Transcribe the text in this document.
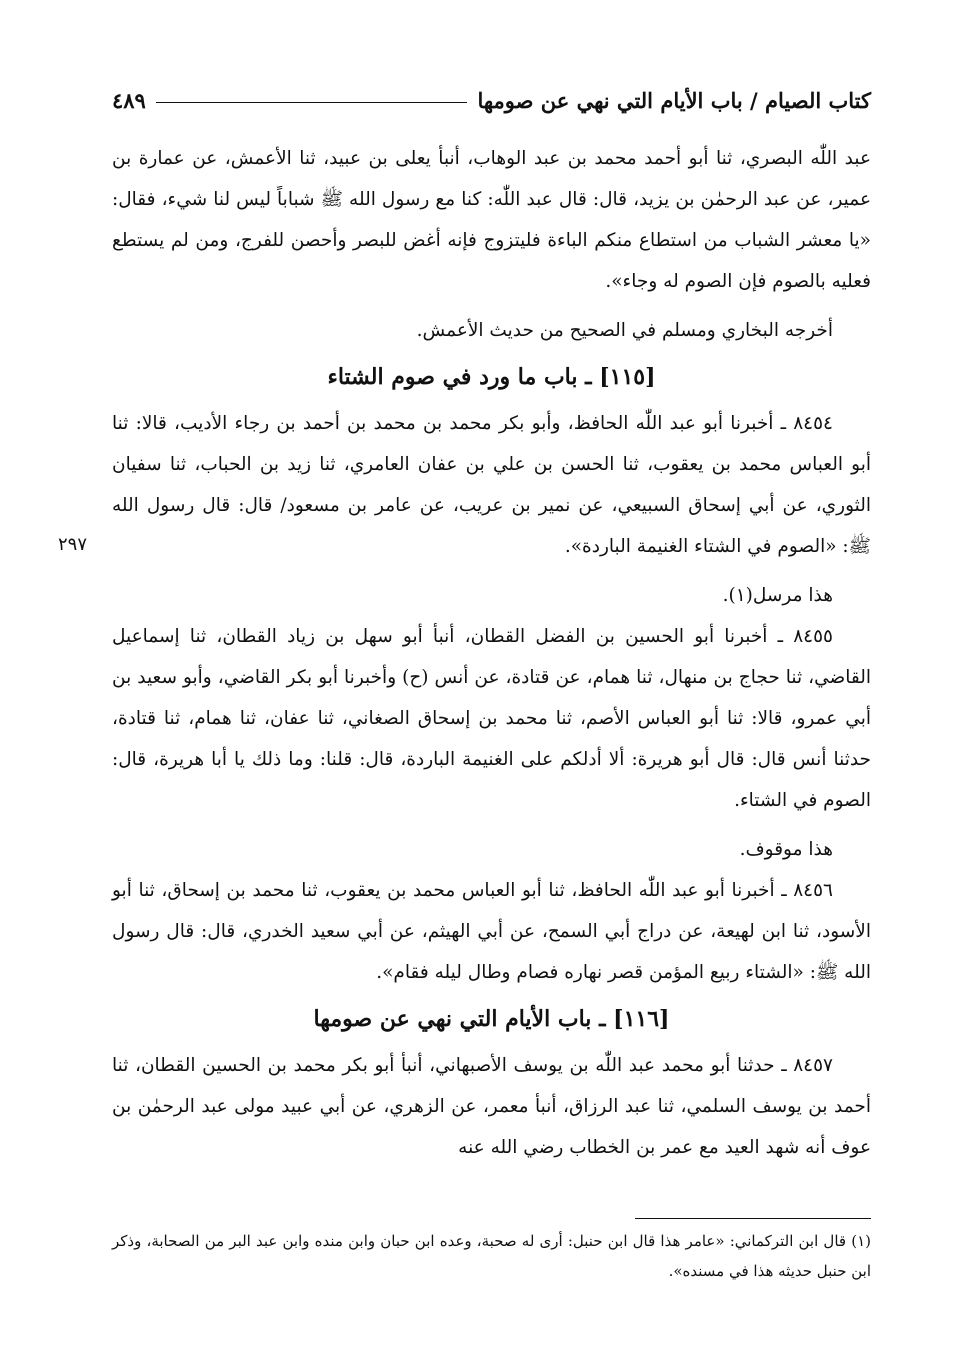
كتاب الصيام / باب الأيام التي نهي عن صومها
٤٨٩

عبد اللّٰه البصري، ثنا أبو أحمد محمد بن عبد الوهاب، أنبأ يعلى بن عبيد، ثنا الأعمش، عن عمارة بن عمير، عن عبد الرحمٰن بن يزيد، قال: قال عبد اللّٰه: كنا مع رسول الله ﷺ شباباً ليس لنا شيء، فقال: «يا معشر الشباب من استطاع منكم الباءة فليتزوج فإنه أغض للبصر وأحصن للفرج، ومن لم يستطع فعليه بالصوم فإن الصوم له وجاء».

أخرجه البخاري ومسلم في الصحيح من حديث الأعمش.

[١١٥] ـ باب ما ورد في صوم الشتاء

٨٤٥٤ ـ أخبرنا أبو عبد اللّٰه الحافظ، وأبو بكر محمد بن محمد بن أحمد بن رجاء الأديب، قالا: ثنا أبو العباس محمد بن يعقوب، ثنا الحسن بن علي بن عفان العامري، ثنا زيد بن الحباب، ثنا سفيان الثوري، عن أبي إسحاق السبيعي، عن نمير بن عريب، عن عامر بن مسعود/ قال: قال رسول الله ﷺ: «الصوم في الشتاء الغنيمة الباردة».

هذا مرسل(١).

٨٤٥٥ ـ أخبرنا أبو الحسين بن الفضل القطان، أنبأ أبو سهل بن زياد القطان، ثنا إسماعيل القاضي، ثنا حجاج بن منهال، ثنا همام، عن قتادة، عن أنس (ح) وأخبرنا أبو بكر القاضي، وأبو سعيد بن أبي عمرو، قالا: ثنا أبو العباس الأصم، ثنا محمد بن إسحاق الصغاني، ثنا عفان، ثنا همام، ثنا قتادة، حدثنا أنس قال: قال أبو هريرة: ألا أدلكم على الغنيمة الباردة، قال: قلنا: وما ذلك يا أبا هريرة، قال: الصوم في الشتاء.

هذا موقوف.

٨٤٥٦ ـ أخبرنا أبو عبد اللّٰه الحافظ، ثنا أبو العباس محمد بن يعقوب، ثنا محمد بن إسحاق، ثنا أبو الأسود، ثنا ابن لهيعة، عن دراج أبي السمح، عن أبي الهيثم، عن أبي سعيد الخدري، قال: قال رسول الله ﷺ: «الشتاء ربيع المؤمن قصر نهاره فصام وطال ليله فقام».

[١١٦] ـ باب الأيام التي نهي عن صومها

٨٤٥٧ ـ حدثنا أبو محمد عبد اللّٰه بن يوسف الأصبهاني، أنبأ أبو بكر محمد بن الحسين القطان، ثنا أحمد بن يوسف السلمي، ثنا عبد الرزاق، أنبأ معمر، عن الزهري، عن أبي عبيد مولى عبد الرحمٰن بن عوف أنه شهد العيد مع عمر بن الخطاب رضي الله عنه

٢٩٧

(١) قال ابن التركماني: «عامر هذا قال ابن حنبل: أرى له صحبة، وعده ابن حبان وابن منده وابن عبد البر من الصحابة، وذكر ابن حنبل حديثه هذا في مسنده».
